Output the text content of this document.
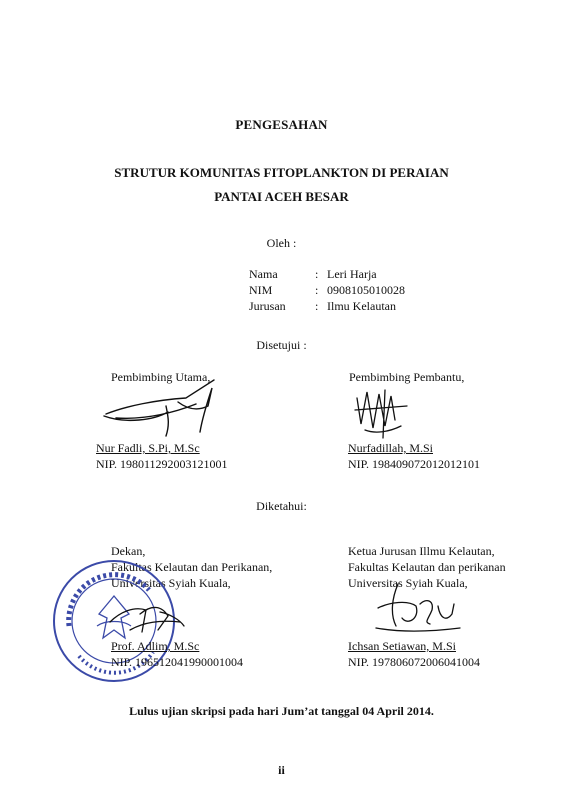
PENGESAHAN
STRUTUR KOMUNITAS FITOPLANKTON DI PERAIAN
PANTAI ACEH BESAR
Oleh :
Nama	: Leri Harja
NIM	: 0908105010028
Jurusan	: Ilmu Kelautan
Disetujui :
Pembimbing Utama,
Nur Fadli, S.Pi, M.Sc
NIP. 198011292003121001
Pembimbing Pembantu,
Nurfadillah, M.Si
NIP. 198409072012012101
Diketahui:
Dekan,
Fakultas Kelautan dan Perikanan,
Universitas Syiah Kuala,
Prof. Adlim, M.Sc
NIP. 196512041990001004
Ketua Jurusan Illmu Kelautan,
Fakultas Kelautan dan perikanan
Universitas Syiah Kuala,
Ichsan Setiawan, M.Si
NIP. 197806072006041004
Lulus ujian skripsi pada hari Jum’at tanggal 04 April 2014.
ii
